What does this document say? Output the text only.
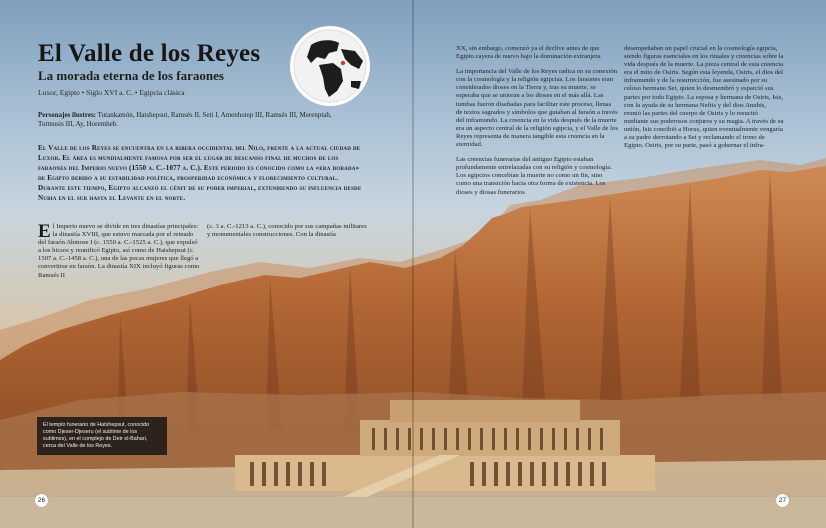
El Valle de los Reyes
La morada eterna de los faraones
Luxor, Egipto • Siglo XVI a. C. • Egipcia clásica
Personajes ilustres: Tutankamón, Hatshepsut, Ramsés II, Seti I, Amenhotep III, Ramsés III, Merenptah, Tutmosis III, Ay, Horemheb.
El Valle de los Reyes se encuentra en la ribera occidental del Nilo, frente a la actual ciudad de Luxor. El área es mundialmente famosa por ser el lugar de descanso final de muchos de los faraones del Imperio nuevo (1550 a. C.-1077 a. C.). Este periodo es conocido como la «era dorada» de Egipto debido a su estabilidad política, prosperidad económica y florecimiento cultural. Durante este tiempo, Egipto alcanzó el cénit de su poder imperial, extendiendo su influencia desde Nubia en el sur hasta el Levante en el norte.

El Imperio nuevo se divide en tres dinastías principales: la dinastía XVIII, que estuvo marcada por el reinado del faraón Ahmose I (c. 1550 a. C.-1525 a. C.), que expulsó a los hicsos y reunificó Egipto, así como de Hatshepsut (c. 1507 a. C.-1458 a. C.), una de las pocas mujeres que llegó a convertirse en faraón. La dinastía XIX incluyó figuras como Ramsés II

(c. 3 a. C.-1213 a. C.), conocido por sus campañas militares y monumentales construcciones. Con la dinastía

XX, sin embargo, comenzó ya el declive antes de que Egipto cayera de nuevo bajo la dominación extranjera.

La importancia del Valle de los Reyes radica en su conexión con la cosmología y la religión egipcias. Los faraones eran considerados dioses en la Tierra y, tras su muerte, se esperaba que se unieran a los dioses en el más allá. Las tumbas fueron diseñadas para facilitar este proceso, llenas de textos sagrados y símbolos que guiaban al faraón a través del inframundo. La creencia en la vida después de la muerte era un aspecto central de la religión egipcia, y el Valle de los Reyes representa de manera tangible esta creencia en la eternidad.

Las creencias funerarias del antiguo Egipto estaban profundamente entrelazadas con su religión y cosmología. Los egipcios concebían la muerte no como un fin, sino como una transición hacia otra forma de existencia. Los dioses y diosas funerarios

desempeñaban un papel crucial en la cosmología egipcia, siendo figuras esenciales en los rituales y creencias sobre la vida después de la muerte. La pieza central de esta creencia era el mito de Osiris. Según esta leyenda, Osiris, el dios del inframundo y de la resurrección, fue asesinado por su celoso hermano Set, quien lo desmembró y esparció sus partes por todo Egipto. La esposa y hermana de Osiris, Isis, con la ayuda de su hermana Neftis y del dios Anubis, reunió las partes del cuerpo de Osiris y lo resucitó mediante sus poderosos conjuros y su magia. A través de su unión, Isis concibió a Horus, quien eventualmente vengaría a su padre derrotando a Set y reclamando el trono de Egipto. Osiris, por su parte, pasó a gobernar el infra-

El templo funerario de Hatshepsut, conocido como Djeser-Djeseru (el sublime de los sublimes), en el complejo de Deir el-Bahari, cerca del Valle de los Reyes.
26	27
